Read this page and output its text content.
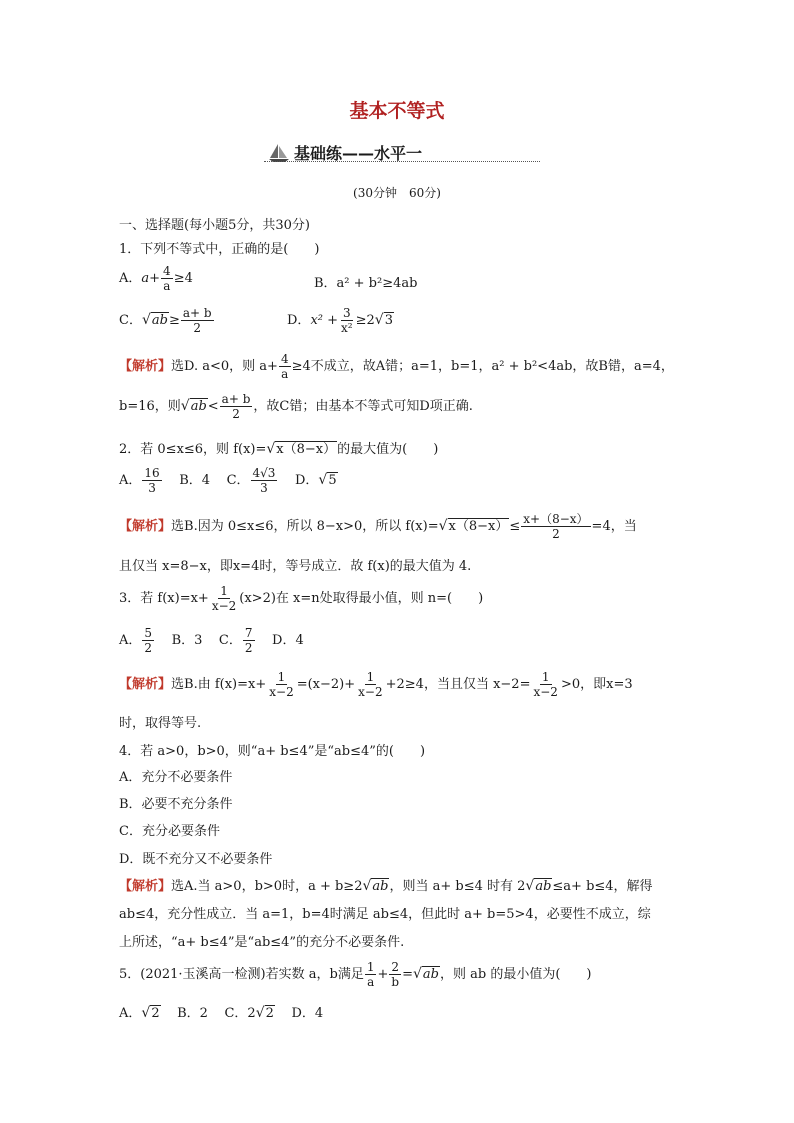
基本不等式
基础练——水平一
(30分钟　60分)
一、选择题(每小题5分，共30分)
1．下列不等式中，正确的是(　　)
A．$a+ \frac{4}{a} \ge 4$	B．a² + b²≥4ab
C．$√ab\ge \frac{a+ b}{2}$	D．$x^2 + \frac{3}{\text{x²}} \ge 2√3$
【解析】选D. a<0，则 $a+ \frac{4}{a} \ge 4$不成立，故A错；a=1，b=1，a² + b²<4ab，故B错，a=4，
b=16，则$√ab< \frac{a+ b}{2}$ ，故C错；由基本不等式可知D项正确.
2．若 0≤x≤6，则 f(x)=√x（8−x）的最大值为(　　)
A． $\frac{16}{3}$ B．4 C． $\frac{4√3}{3}$ D．√5
【解析】选B.因为 0≤x≤6，所以 8−x>0，所以 $f(x)=√x(8-x)\le \frac{x+(8-x)}{2} =4$，当
且仅当 x=8−x，即x=4时，等号成立．故 f(x)的最大值为 4.
3．若 $f(x)=x+ \frac{1}{x-2} (x>2)$在 x=n处取得最小值，则 n=(　　)
A． $\frac{5}{2}$ B．3 C． $\frac{7}{2}$ D．4
【解析】选B.由 $f(x)=x+ \frac{1}{x-2} =(x-2)+ \frac{1}{x-2} +2\ge 4$，当且仅当 $x-2= \frac{1}{x-2} >0$，即x=3
时，取得等号.
4．若 a>0，b>0，则“a+ b≤4”是“ab≤4”的(　　)
A．充分不必要条件
B．必要不充分条件
C．充分必要条件
D．既不充分又不必要条件
【解析】选A.当 a>0，b>0时，a + b≥2√ab，则当 a+ b≤4 时有 2√ab≤a+ b≤4，解得
ab≤4，充分性成立．当 a=1，b=4时满足 ab≤4，但此时 a+ b=5>4，必要性不成立，综
上所述，“a+ b≤4”是“ab≤4”的充分不必要条件.
5．(2021·玉溪高一检测)若实数 a，b满足 $\frac{1}{a} + \frac{2}{b} =√ab$，则 ab 的最小值为(　　)
A．√2 B．2 C．2√2 D．4
